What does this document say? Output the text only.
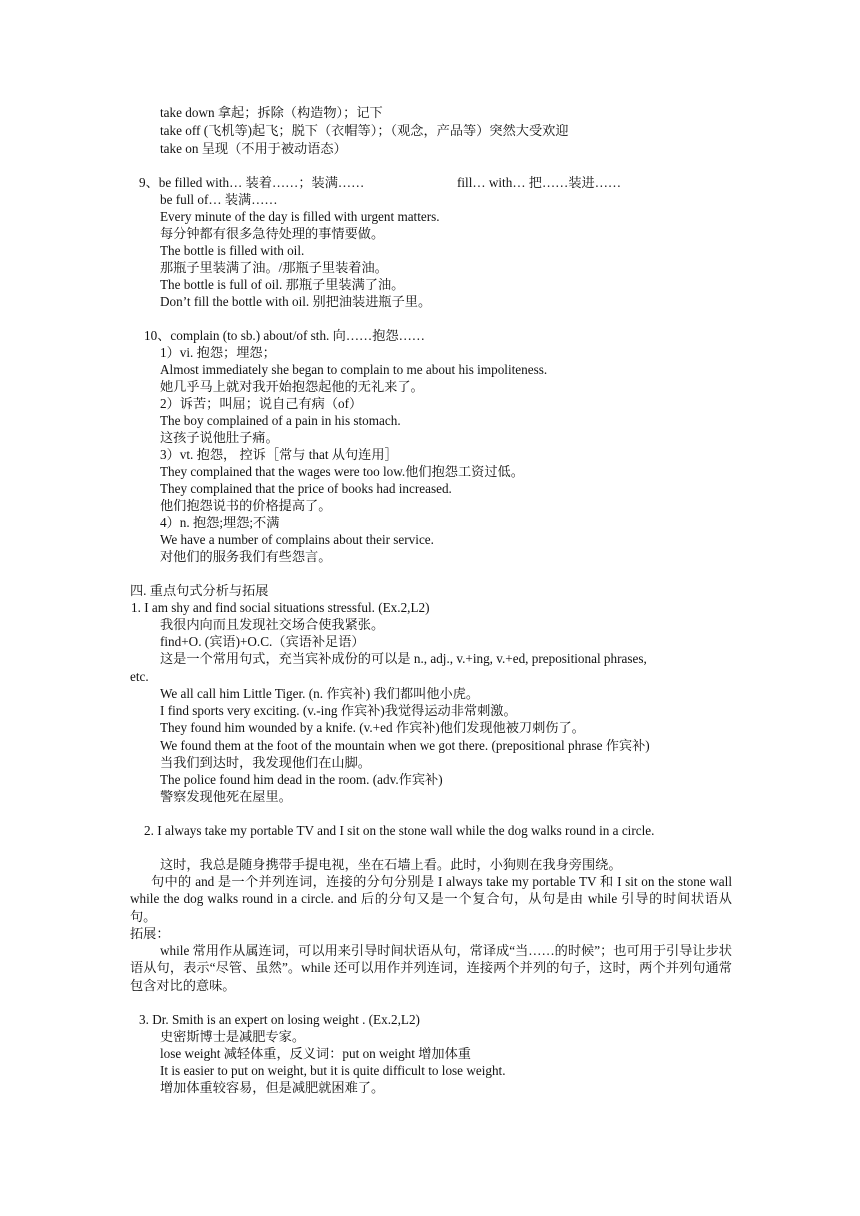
take down 拿起；拆除（构造物）；记下
take off (飞机等)起飞；脱下（衣帽等）；（观念，产品等）突然大受欢迎
take on 呈现（不用于被动语态）
9、be filled with… 装着……；装满……	fill… with… 把……装进……
be full of… 装满……
Every minute of the day is filled with urgent matters.
每分钟都有很多急待处理的事情要做。
The bottle is filled with oil.
那瓶子里装满了油。/那瓶子里装着油。
The bottle is full of oil. 那瓶子里装满了油。
Don’t fill the bottle with oil. 别把油装进瓶子里。
10、complain (to sb.) about/of sth. 向……抱怨……
1）vi. 抱怨；埋怨；
Almost immediately she began to complain to me about his impoliteness.
她几乎马上就对我开始抱怨起他的无礼来了。
2）诉苦；叫屈；说自己有病（of）
The boy complained of a pain in his stomach.
这孩子说他肚子痛。
3）vt. 抱怨， 控诉［常与 that 从句连用］
They complained that the wages were too low.他们抱怨工资过低。
They complained that the price of books had increased.
他们抱怨说书的价格提高了。
4）n. 抱怨;埋怨;不满
We have a number of complains about their service.
对他们的服务我们有些怨言。
四. 重点句式分析与拓展
1. I am shy and find social situations stressful. (Ex.2,L2)
我很内向而且发现社交场合使我紧张。
find+O. (宾语)+O.C.（宾语补足语）
这是一个常用句式，充当宾补成份的可以是 n., adj., v.+ing, v.+ed, prepositional phrases,
etc.
We all call him Little Tiger. (n. 作宾补) 我们都叫他小虎。
I find sports very exciting. (v.-ing 作宾补)我觉得运动非常刺激。
They found him wounded by a knife. (v.+ed 作宾补)他们发现他被刀刺伤了。
We found them at the foot of the mountain when we got there. (prepositional phrase 作宾补)
当我们到达时，我发现他们在山脚。
The police found him dead in the room. (adv.作宾补)
警察发现他死在屋里。
2. I always take my portable TV and I sit on the stone wall while the dog walks round in a circle.
这时，我总是随身携带手提电视，坐在石墙上看。此时，小狗则在我身旁围绕。
句中的 and 是一个并列连词，连接的分句分别是 I always take my portable TV 和 I sit on the stone wall while the dog walks round in a circle. and 后的分句又是一个复合句，从句是由 while 引导的时间状语从句。
拓展：
while 常用作从属连词，可以用来引导时间状语从句，常译成“当……的时候”；也可用于引导让步状语从句，表示“尽管、虽然”。while 还可以用作并列连词，连接两个并列的句子，这时，两个并列句通常包含对比的意味。
3. Dr. Smith is an expert on losing weight . (Ex.2,L2)
史密斯博士是减肥专家。
lose weight 减轻体重，反义词：put on weight 增加体重
It is easier to put on weight, but it is quite difficult to lose weight.
增加体重较容易，但是减肥就困难了。
